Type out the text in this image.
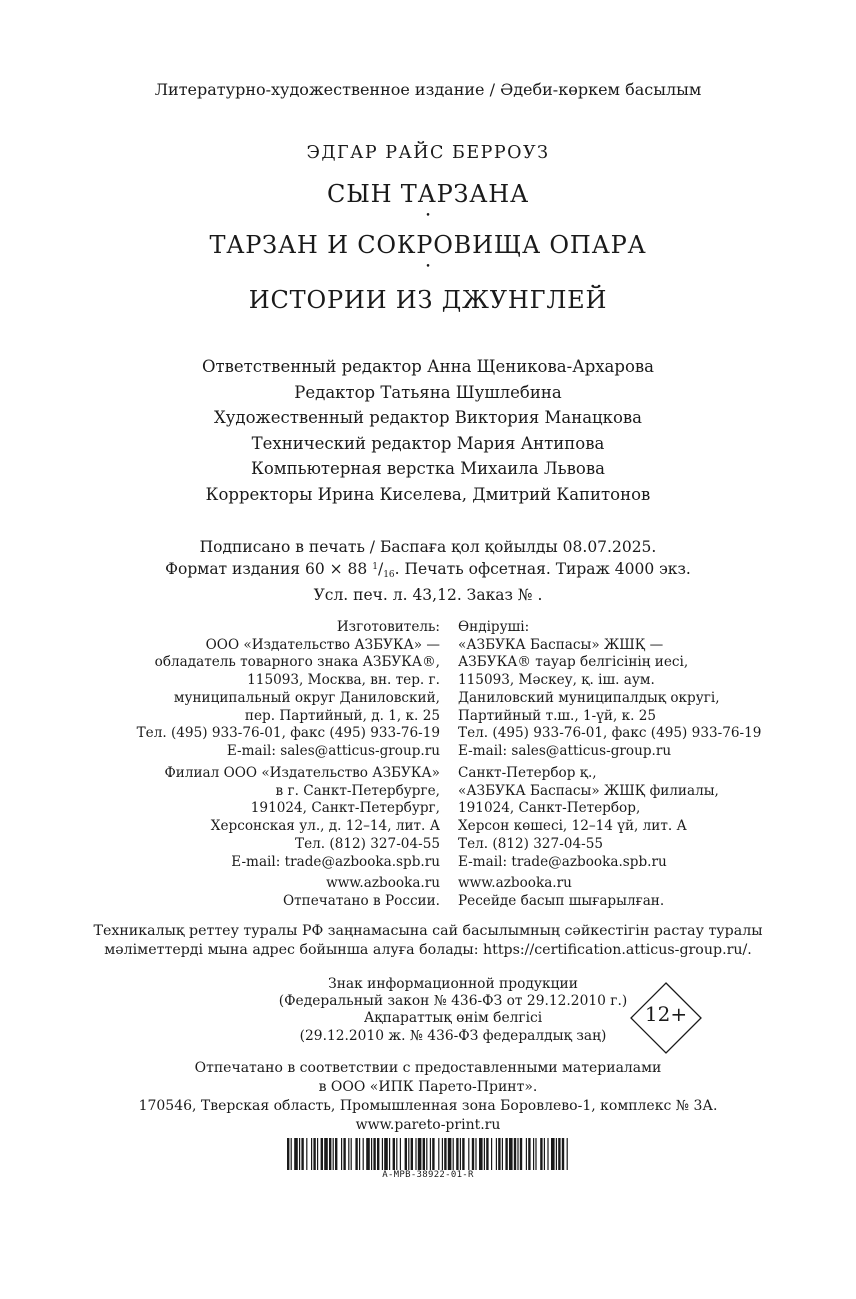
Литературно-художественное издание / Әдеби-көркем басылым
ЭДГАР РАЙС БЕРРОУЗ
СЫН ТАРЗАНА
•
ТАРЗАН И СОКРОВИЩА ОПАРА
•
ИСТОРИИ ИЗ ДЖУНГЛЕЙ
Ответственный редактор Анна Щеникова-Архарова
Редактор Татьяна Шушлебина
Художественный редактор Виктория Манацкова
Технический редактор Мария Антипова
Компьютерная верстка Михаила Львова
Корректоры Ирина Киселева, Дмитрий Капитонов
Подписано в печать / Баспаға қол қойылды 08.07.2025.
Формат издания 60 × 88 $^1/_{16}$. Печать офсетная. Тираж 4000 экз.
Усл. печ. л. 43,12. Заказ № .
Изготовитель:
ООО «Издательство АЗБУКА» —
обладатель товарного знака АЗБУКА®,
115093, Москва, вн. тер. г.
муниципальный округ Даниловский,
пер. Партийный, д. 1, к. 25
Тел. (495) 933-76-01, факс (495) 933-76-19
E-mail: sales@atticus-group.ru
Өндіруші:
«АЗБУКА Баспасы» ЖШҚ —
АЗБУКА® тауар белгісінің иесі,
115093, Мәскеу, қ. іш. аум.
Даниловский муниципалдық округі,
Партийный т.ш., 1-үй, к. 25
Тел. (495) 933-76-01, факс (495) 933-76-19
E-mail: sales@atticus-group.ru
Филиал ООО «Издательство АЗБУКА»
в г. Санкт-Петербурге,
191024, Санкт-Петербург,
Херсонская ул., д. 12–14, лит. А
Тел. (812) 327-04-55
E-mail: trade@azbooka.spb.ru
Санкт-Петербор қ.,
«АЗБУКА Баспасы» ЖШҚ филиалы,
191024, Санкт-Петербор,
Херсон көшесі, 12–14 үй, лит. А
Тел. (812) 327-04-55
E-mail: trade@azbooka.spb.ru
www.azbooka.ru
Отпечатано в России.
www.azbooka.ru
Ресейде басып шығарылған.
Техникалық реттеу туралы РФ заңнамасына сай басылымның сәйкестігін растау туралы
мәліметтерді мына адрес бойынша алуға болады: https://certification.atticus-group.ru/.
Знак информационной продукции
(Федеральный закон № 436-ФЗ от 29.12.2010 г.)
Ақпараттық өнім белгісі
(29.12.2010 ж. № 436-ФЗ федералдық заң)
12+
Отпечатано в соответствии с предоставленными материалами
в ООО «ИПК Парето-Принт».
170546, Тверская область, Промышленная зона Боровлево-1, комплекс № 3А.
www.pareto-print.ru
A-MPB-38922-01-R
